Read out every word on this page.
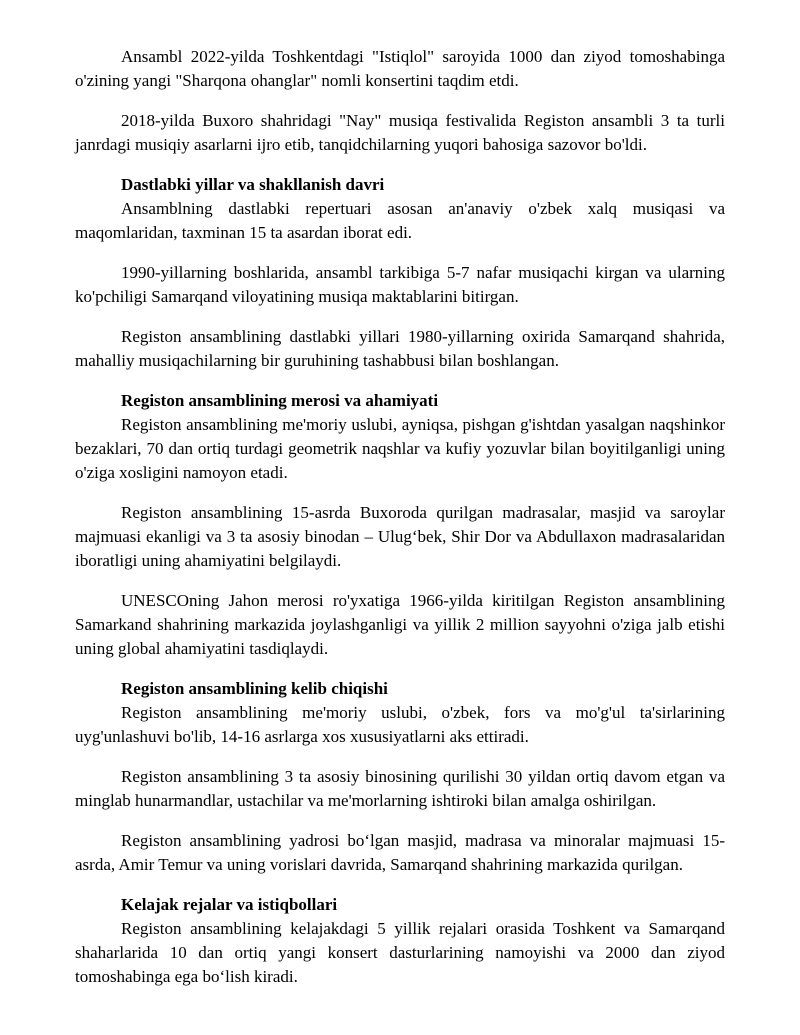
Ansambl 2022-yilda Toshkentdagi "Istiqlol" saroyida 1000 dan ziyod tomoshabinga o'zining yangi "Sharqona ohanglar" nomli konsertini taqdim etdi.

2018-yilda Buxoro shahridagi "Nay" musiqa festivalida Registon ansambli 3 ta turli janrdagi musiqiy asarlarni ijro etib, tanqidchilarning yuqori bahosiga sazovor bo'ldi.

Dastlabki yillar va shakllanish davri

Ansamblning dastlabki repertuari asosan an'anaviy o'zbek xalq musiqasi va maqomlaridan, taxminan 15 ta asardan iborat edi.

1990-yillarning boshlarida, ansambl tarkibiga 5-7 nafar musiqachi kirgan va ularning ko'pchiligi Samarqand viloyatining musiqa maktablarini bitirgan.

Registon ansamblining dastlabki yillari 1980-yillarning oxirida Samarqand shahrida, mahalliy musiqachilarning bir guruhining tashabbusi bilan boshlangan.

Registon ansamblining merosi va ahamiyati

Registon ansamblining me'moriy uslubi, ayniqsa, pishgan g'ishtdan yasalgan naqshinkor bezaklari, 70 dan ortiq turdagi geometrik naqshlar va kufiy yozuvlar bilan boyitilganligi uning o'ziga xosligini namoyon etadi.

Registon ansamblining 15-asrda Buxoroda qurilgan madrasalar, masjid va saroylar majmuasi ekanligi va 3 ta asosiy binodan – Ulug‘bek, Shir Dor va Abdullaxon madrasalaridan iboratligi uning ahamiyatini belgilaydi.

UNESCOning Jahon merosi ro'yxatiga 1966-yilda kiritilgan Registon ansamblining Samarkand shahrining markazida joylashganligi va yillik 2 million sayyohni o'ziga jalb etishi uning global ahamiyatini tasdiqlaydi.

Registon ansamblining kelib chiqishi

Registon ansamblining me'moriy uslubi, o'zbek, fors va mo'g'ul ta'sirlarining uyg'unlashuvi bo'lib, 14-16 asrlarga xos xususiyatlarni aks ettiradi.

Registon ansamblining 3 ta asosiy binosining qurilishi 30 yildan ortiq davom etgan va minglab hunarmandlar, ustachilar va me'morlarning ishtiroki bilan amalga oshirilgan.

Registon ansamblining yadrosi bo‘lgan masjid, madrasa va minoralar majmuasi 15-asrda, Amir Temur va uning vorislari davrida, Samarqand shahrining markazida qurilgan.

Kelajak rejalar va istiqbollari

Registon ansamblining kelajakdagi 5 yillik rejalari orasida Toshkent va Samarqand shaharlarida 10 dan ortiq yangi konsert dasturlarining namoyishi va 2000 dan ziyod tomoshabinga ega bo‘lish kiradi.
